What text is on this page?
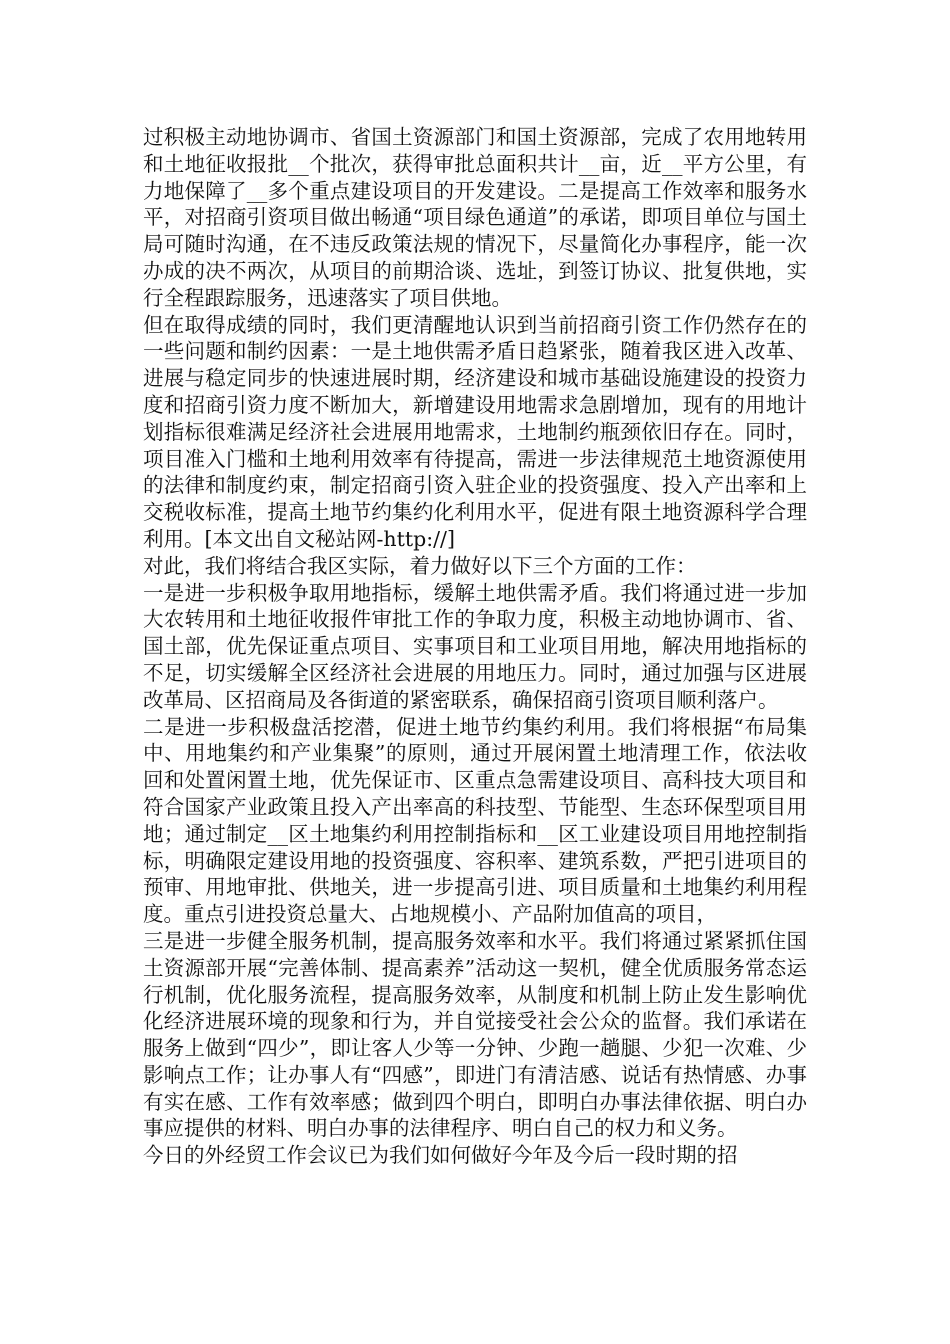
过积极主动地协调市、省国土资源部门和国土资源部，完成了农用地转用和土地征收报批__个批次，获得审批总面积共计__亩，近__平方公里，有力地保障了__多个重点建设项目的开发建设。二是提高工作效率和服务水平，对招商引资项目做出畅通“项目绿色通道”的承诺，即项目单位与国土局可随时沟通，在不违反政策法规的情况下，尽量简化办事程序，能一次办成的决不两次，从项目的前期洽谈、选址，到签订协议、批复供地，实行全程跟踪服务，迅速落实了项目供地。

但在取得成绩的同时，我们更清醒地认识到当前招商引资工作仍然存在的一些问题和制约因素：一是土地供需矛盾日趋紧张，随着我区进入改革、进展与稳定同步的快速进展时期，经济建设和城市基础设施建设的投资力度和招商引资力度不断加大，新增建设用地需求急剧增加，现有的用地计划指标很难满足经济社会进展用地需求，土地制约瓶颈依旧存在。同时，项目准入门槛和土地利用效率有待提高，需进一步法律规范土地资源使用的法律和制度约束，制定招商引资入驻企业的投资强度、投入产出率和上交税收标准，提高土地节约集约化利用水平，促进有限土地资源科学合理利用。[本文出自文秘站网-http://]

对此，我们将结合我区实际，着力做好以下三个方面的工作：

一是进一步积极争取用地指标，缓解土地供需矛盾。我们将通过进一步加大农转用和土地征收报件审批工作的争取力度，积极主动地协调市、省、国土部，优先保证重点项目、实事项目和工业项目用地，解决用地指标的不足，切实缓解全区经济社会进展的用地压力。同时，通过加强与区进展改革局、区招商局及各街道的紧密联系，确保招商引资项目顺利落户。

二是进一步积极盘活挖潜，促进土地节约集约利用。我们将根据“布局集中、用地集约和产业集聚”的原则，通过开展闲置土地清理工作，依法收回和处置闲置土地，优先保证市、区重点急需建设项目、高科技大项目和符合国家产业政策且投入产出率高的科技型、节能型、生态环保型项目用地；通过制定__区土地集约利用控制指标和__区工业建设项目用地控制指标，明确限定建设用地的投资强度、容积率、建筑系数，严把引进项目的预审、用地审批、供地关，进一步提高引进、项目质量和土地集约利用程度。重点引进投资总量大、占地规模小、产品附加值高的项目，

三是进一步健全服务机制，提高服务效率和水平。我们将通过紧紧抓住国土资源部开展“完善体制、提高素养”活动这一契机，健全优质服务常态运行机制，优化服务流程，提高服务效率，从制度和机制上防止发生影响优化经济进展环境的现象和行为，并自觉接受社会公众的监督。我们承诺在服务上做到“四少”，即让客人少等一分钟、少跑一趟腿、少犯一次难、少影响点工作；让办事人有“四感”，即进门有清洁感、说话有热情感、办事有实在感、工作有效率感；做到四个明白，即明白办事法律依据、明白办事应提供的材料、明白办事的法律程序、明白自己的权力和义务。

今日的外经贸工作会议已为我们如何做好今年及今后一段时期的招
